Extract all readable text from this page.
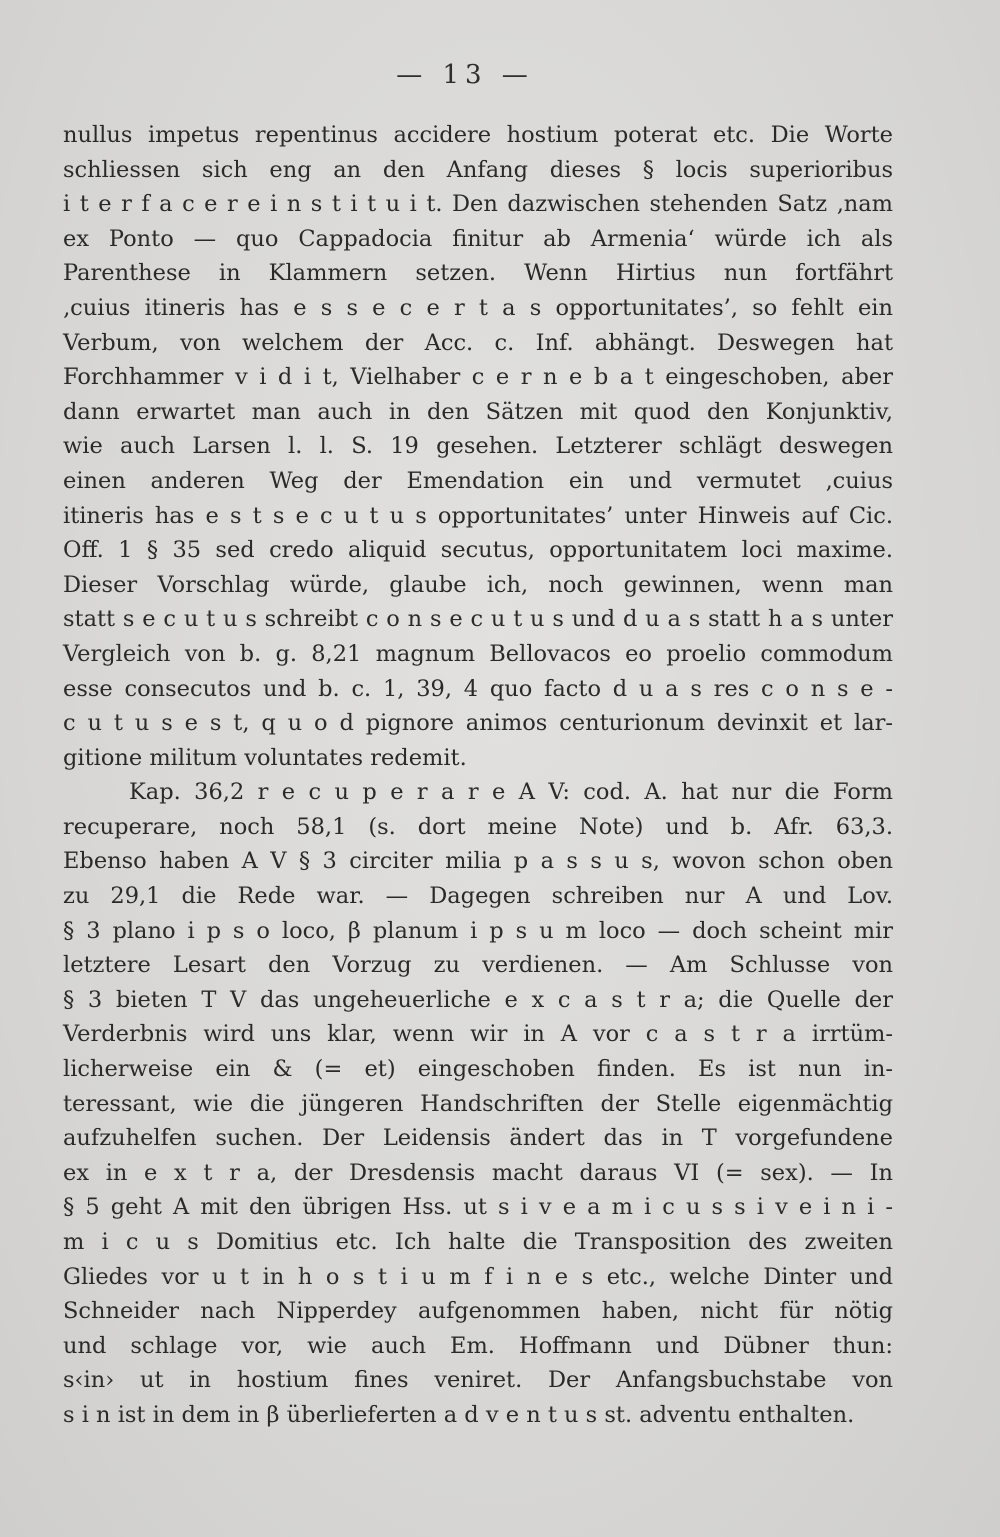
— 13 —
nullus impetus repentinus accidere hostium poterat etc. Die Worte
schliessen sich eng an den Anfang dieses § locis superioribus
i t e r f a c e r e i n s t i t u i t. Den dazwischen stehenden Satz ‚nam
ex Ponto — quo Cappadocia finitur ab Armenia‘ würde ich als
Parenthese in Klammern setzen. Wenn Hirtius nun fortfährt
‚cuius itineris has e s s e c e r t a s opportunitates’, so fehlt ein
Verbum, von welchem der Acc. c. Inf. abhängt. Deswegen hat
Forchhammer v i d i t, Vielhaber c e r n e b a t eingeschoben, aber
dann erwartet man auch in den Sätzen mit quod den Konjunktiv,
wie auch Larsen l. l. S. 19 gesehen. Letzterer schlägt deswegen
einen anderen Weg der Emendation ein und vermutet ‚cuius
itineris has e s t s e c u t u s opportunitates’ unter Hinweis auf Cic.
Off. 1 § 35 sed credo aliquid secutus, opportunitatem loci maxime.
Dieser Vorschlag würde, glaube ich, noch gewinnen, wenn man
statt s e c u t u s schreibt c o n s e c u t u s und d u a s statt h a s unter
Vergleich von b. g. 8,21 magnum Bellovacos eo proelio commodum
esse consecutos und b. c. 1, 39, 4 quo facto d u a s res c o n s e -
c u t u s e s t, q u o d pignore animos centurionum devinxit et lar-
gitione militum voluntates redemit.
Kap. 36,2 r e c u p e r a r e A V: cod. A. hat nur die Form
recuperare, noch 58,1 (s. dort meine Note) und b. Afr. 63,3.
Ebenso haben A V § 3 circiter milia p a s s u s, wovon schon oben
zu 29,1 die Rede war. — Dagegen schreiben nur A und Lov.
§ 3 plano i p s o loco, β planum i p s u m loco — doch scheint mir
letztere Lesart den Vorzug zu verdienen. — Am Schlusse von
§ 3 bieten T V das ungeheuerliche e x c a s t r a; die Quelle der
Verderbnis wird uns klar, wenn wir in A vor c a s t r a irrtüm-
licherweise ein & (= et) eingeschoben finden. Es ist nun in-
teressant, wie die jüngeren Handschriften der Stelle eigenmächtig
aufzuhelfen suchen. Der Leidensis ändert das in T vorgefundene
ex in e x t r a, der Dresdensis macht daraus VI (= sex). — In
§ 5 geht A mit den übrigen Hss. ut s i v e a m i c u s s i v e i n i -
m i c u s Domitius etc. Ich halte die Transposition des zweiten
Gliedes vor u t in h o s t i u m f i n e s etc., welche Dinter und
Schneider nach Nipperdey aufgenommen haben, nicht für nötig
und schlage vor, wie auch Em. Hoffmann und Dübner thun:
s‹in› ut in hostium fines veniret. Der Anfangsbuchstabe von
s i n ist in dem in β überlieferten a d v e n t u s st. adventu enthalten.
